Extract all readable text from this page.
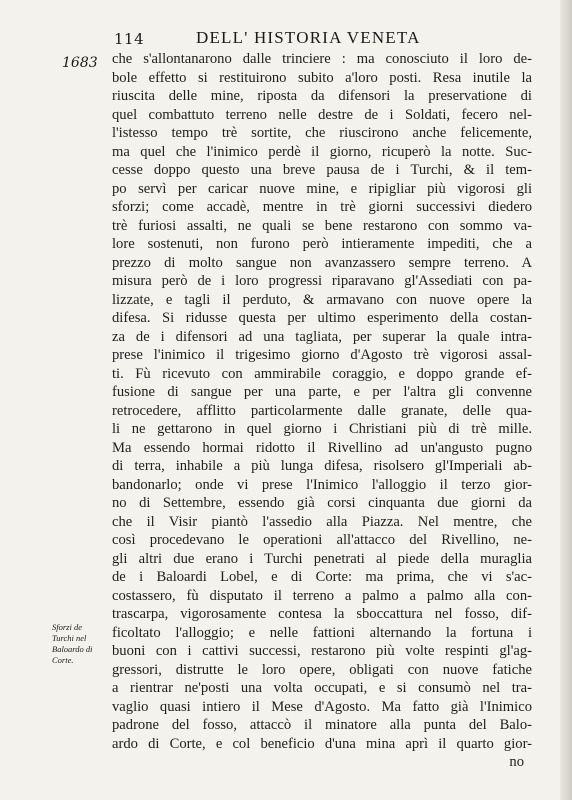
114	DELL' HISTORIA VENETA
1683 che s'allontanarono dalle trinciere : ma conosciuto il loro de-
bole effetto si restituirono subito a'loro posti. Resa inutile la
riuscita delle mine, riposta da difensori la preservatione di
quel combattuto terreno nelle destre de i Soldati, fecero nel-
l'istesso tempo trè sortite, che riuscirono anche felicemente,
ma quel che l'inimico perdè il giorno, ricuperò la notte. Suc-
cesse doppo questo una breve pausa de i Turchi, & il tem-
po servì per caricar nuove mine, e ripigliar più vigorosi gli
sforzi; come accadè, mentre in trè giorni successivi diedero
trè furiosi assalti, ne quali se bene restarono con sommo va-
lore sostenuti, non furono però intieramente impediti, che a
prezzo di molto sangue non avanzassero sempre terreno. A
misura però de i loro progressi riparavano gl'Assediati con pa-
lizzate, e tagli il perduto, & armavano con nuove opere la
difesa. Si ridusse questa per ultimo esperimento della costan-
za de i difensori ad una tagliata, per superar la quale intra-
prese l'inimico il trigesimo giorno d'Agosto trè vigorosi assal-
ti. Fù ricevuto con ammirabile coraggio, e doppo grande ef-
fusione di sangue per una parte, e per l'altra gli convenne
retrocedere, afflitto particolarmente dalle granate, delle qua-
li ne gettarono in quel giorno i Christiani più di trè mille.
Ma essendo hormai ridotto il Rivellino ad un'angusto pugno
di terra, inhabile a più lunga difesa, risolsero gl'Imperiali ab-
bandonarlo; onde vi prese l'Inimico l'alloggio il terzo gior-
no di Settembre, essendo già corsi cinquanta due giorni da
che il Visir piantò l'assedio alla Piazza. Nel mentre, che
così procedevano le operationi all'attacco del Rivellino, ne-
gli altri due erano i Turchi penetrati al piede della muraglia
de i Baloardi Lobel, e di Corte: ma prima, che vi s'ac-
costassero, fù disputato il terreno a palmo a palmo alla con-
trascarpa, vigorosamente contesa la sboccattura nel fosso, dif-
ficoltato l'alloggio; e nelle fattioni alternando la fortuna i
buoni con i cattivi successi, restarono più volte respinti gl'ag-
gressori, distrutte le loro opere, obligati con nuove fatiche
a rientrar ne'posti una volta occupati, e si consumò nel tra-
vaglio quasi intiero il Mese d'Agosto. Ma fatto già l'Inimico
padrone del fosso, attaccò il minatore alla punta del Balo-
ardo di Corte, e col beneficio d'una mina aprì il quarto gior-
no
Sforzi de
Turchi nel
Baloardo di
Corte.
